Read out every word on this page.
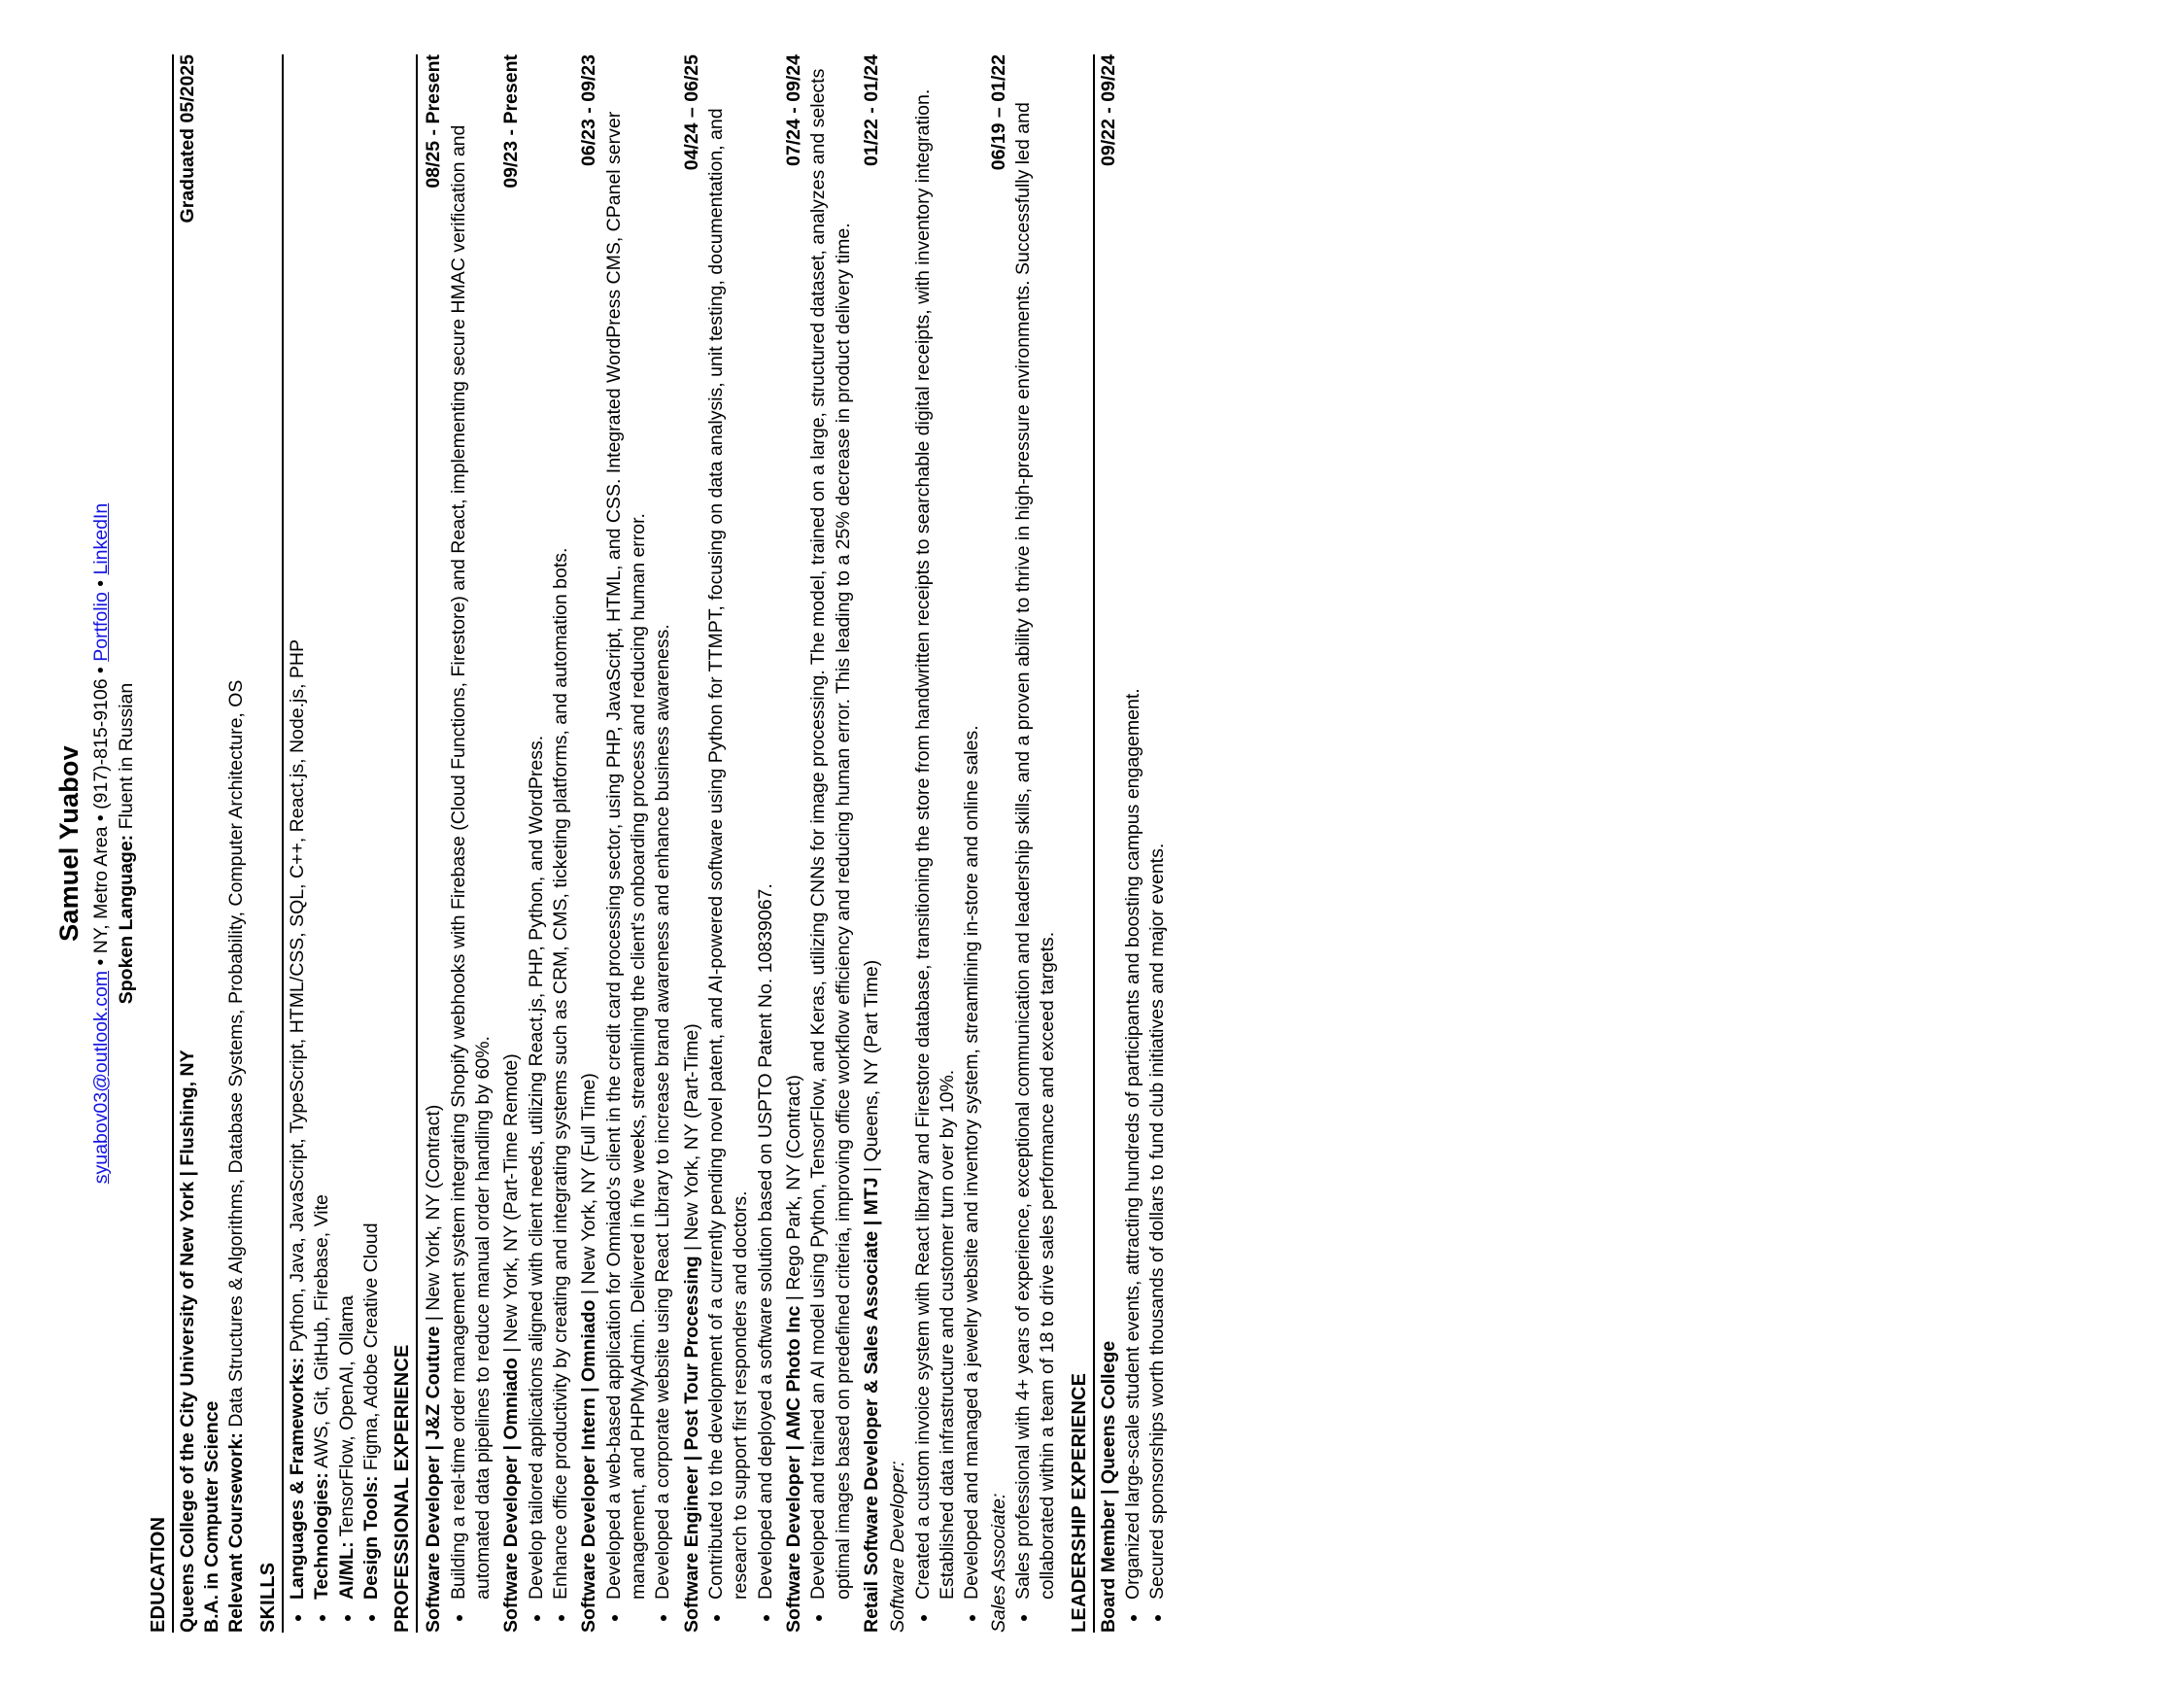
Samuel Yuabov
syuabov03@outlook.com • NY, Metro Area • (917)-815-9106 • Portfolio • LinkedIn
Spoken Language: Fluent in Russian
EDUCATION Queens College of the City University of New York | Flushing, NY
Graduated 05/2025
B.A. in Computer Science Relevant Coursework: Data Structures & Algorithms, Database Systems, Probability, Computer Architecture, OS
SKILLS • Languages & Frameworks: Python, Java, JavaScript, TypeScript, HTML/CSS, SQL, C++, React.js, Node.js, PHP
• Technologies: AWS, Git, GitHub, Firebase, Vite
• AI/ML: TensorFlow, OpenAI, Ollama • Design Tools: Figma, Adobe Creative Cloud PROFESSIONAL EXPERIENCE Software Developer | J&Z Couture | New York, NY (Contract)
08/25 - Present
• Building a real-time order management system integrating Shopify webhooks with Firebase (Cloud Functions, Firestore) and React, implementing secure HMAC verification and automated data pipelines to reduce manual order handling by 60%. Software Developer | Omniado | New York, NY (Part-Time Remote)
09/23 - Present
• Develop tailored applications aligned with client needs, utilizing React.js, PHP, Python, and WordPress. • Enhance office productivity by creating and integrating systems such as CRM, CMS, ticketing platforms, and automation bots. Software Developer Intern | Omniado | New York, NY (Full Time)
06/23 - 09/23
• Developed a web-based application for Omniado's client in the credit card processing sector, using PHP, JavaScript, HTML, and CSS. Integrated WordPress CMS, CPanel server management, and PHPMyAdmin. Delivered in five weeks, streamlining the client's onboarding process and reducing human error. • Developed a corporate website using React Library to increase brand awareness and enhance business awareness. Software Engineer | Post Tour Processing | New York, NY (Part-Time)
04/24 – 06/25 • Contributed to the development of a currently pending novel patent, and AI-powered software using Python for TTMPT, focusing on data analysis, unit testing, documentation, and research to support first responders and doctors. • Developed and deployed a software solution based on USPTO Patent No. 10839067. Software Developer | AMC Photo Inc | Rego Park, NY (Contract)
07/24 - 09/24 • Developed and trained an AI model using Python, TensorFlow, and Keras, utilizing CNNs for image processing. The model, trained on a large, structured dataset, analyzes and selects optimal images based on predefined criteria, improving office workflow efficiency and reducing human error. This leading to a 25% decrease in product delivery time. Retail Software Developer & Sales Associate | MTJ | Queens, NY (Part Time)
01/22 - 01/24
Software Developer: • Created a custom invoice system with React library and Firestore database, transitioning the store from handwritten receipts to searchable digital receipts, with inventory integration. Established data infrastructure and customer turn over by 10%. • Developed and managed a jewelry website and inventory system, streamlining in-store and online sales. Sales Associate:
06/19 – 01/22 • Sales professional with 4+ years of experience, exceptional communication and leadership skills, and a proven ability to thrive in high-pressure environments. Successfully led and collaborated within a team of 18 to drive sales performance and exceed targets. LEADERSHIP EXPERIENCE Board Member | Queens College
09/22 - 09/24
• Organized large-scale student events, attracting hundreds of participants and boosting campus engagement. • Secured sponsorships worth thousands of dollars to fund club initiatives and major events.
